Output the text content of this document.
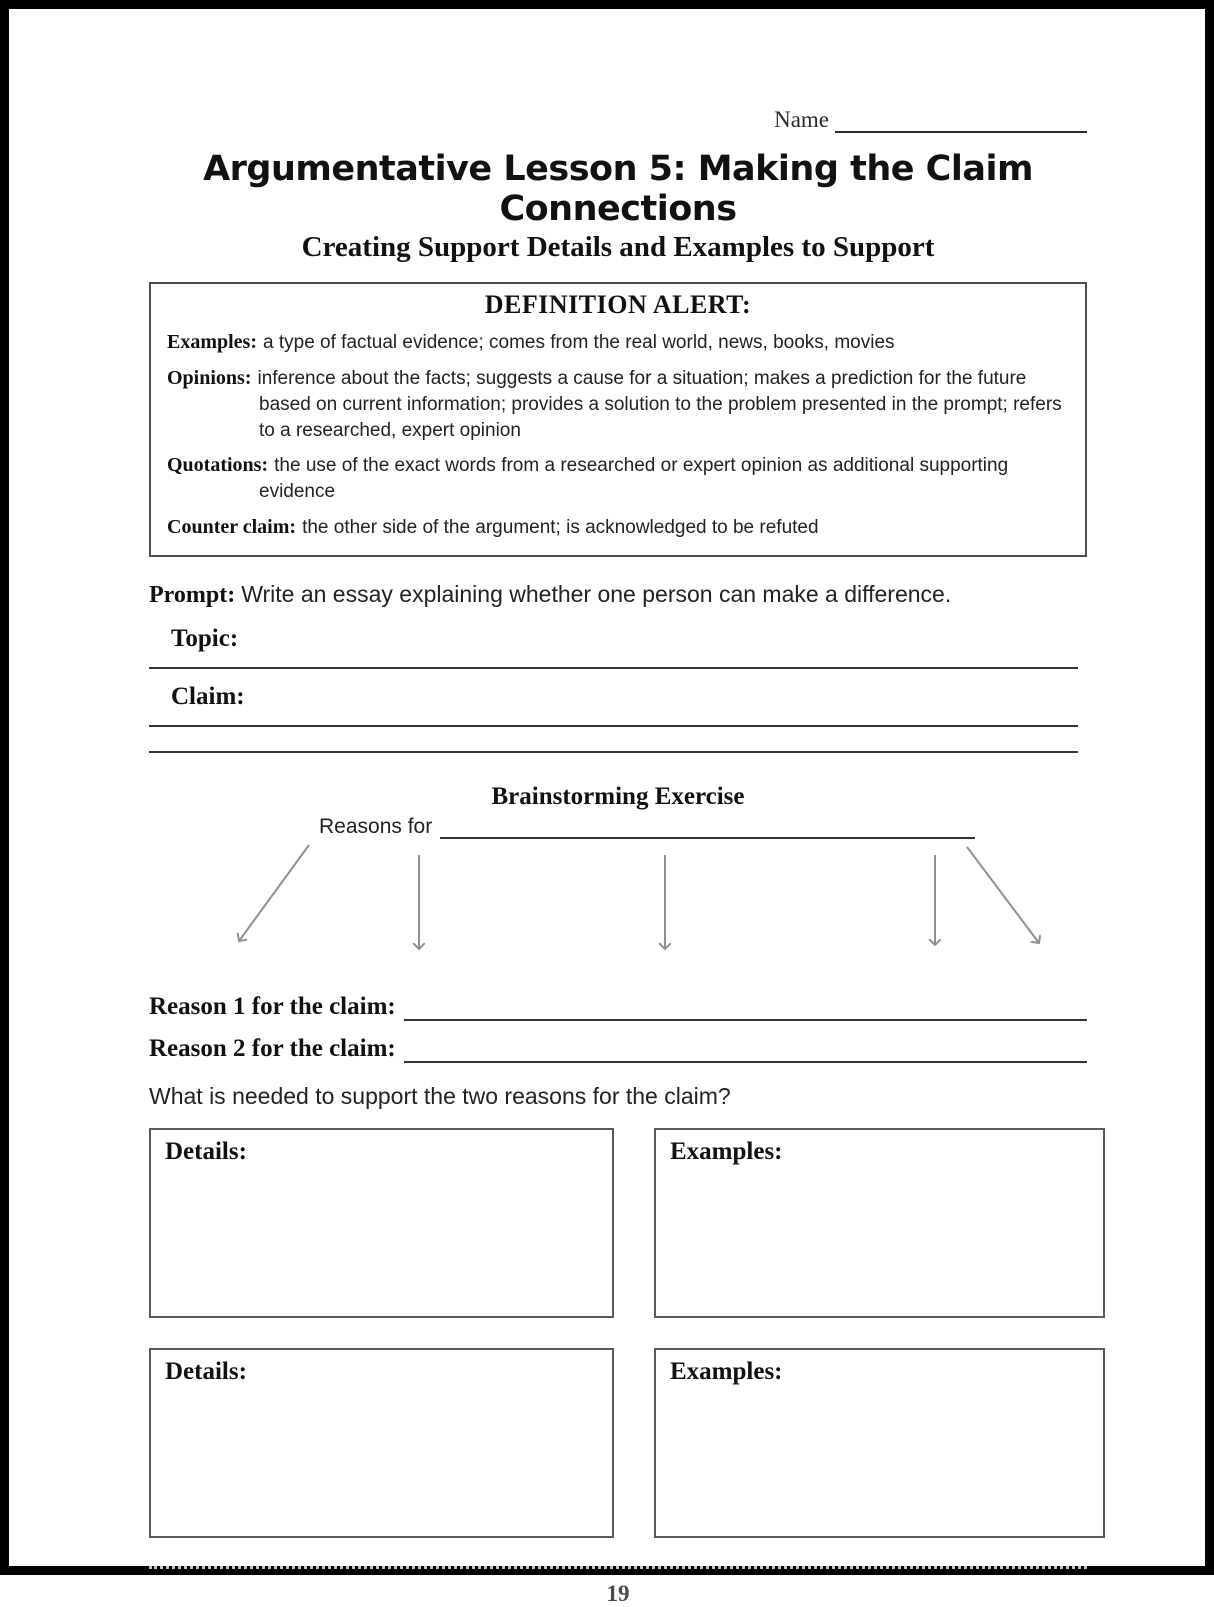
Name
Argumentative Lesson 5: Making the Claim Connections
Creating Support Details and Examples to Support
DEFINITION ALERT:
Examples: a type of factual evidence; comes from the real world, news, books, movies
Opinions: inference about the facts; suggests a cause for a situation; makes a prediction for the future based on current information; provides a solution to the problem presented in the prompt; refers to a researched, expert opinion
Quotations: the use of the exact words from a researched or expert opinion as additional supporting evidence
Counter claim: the other side of the argument; is acknowledged to be refuted
Prompt: Write an essay explaining whether one person can make a difference.
Topic:
Claim:
Brainstorming Exercise
Reasons for
Reason 1 for the claim:
Reason 2 for the claim:
What is needed to support the two reasons for the claim?
Details:	Examples:
Details:	Examples:
19
